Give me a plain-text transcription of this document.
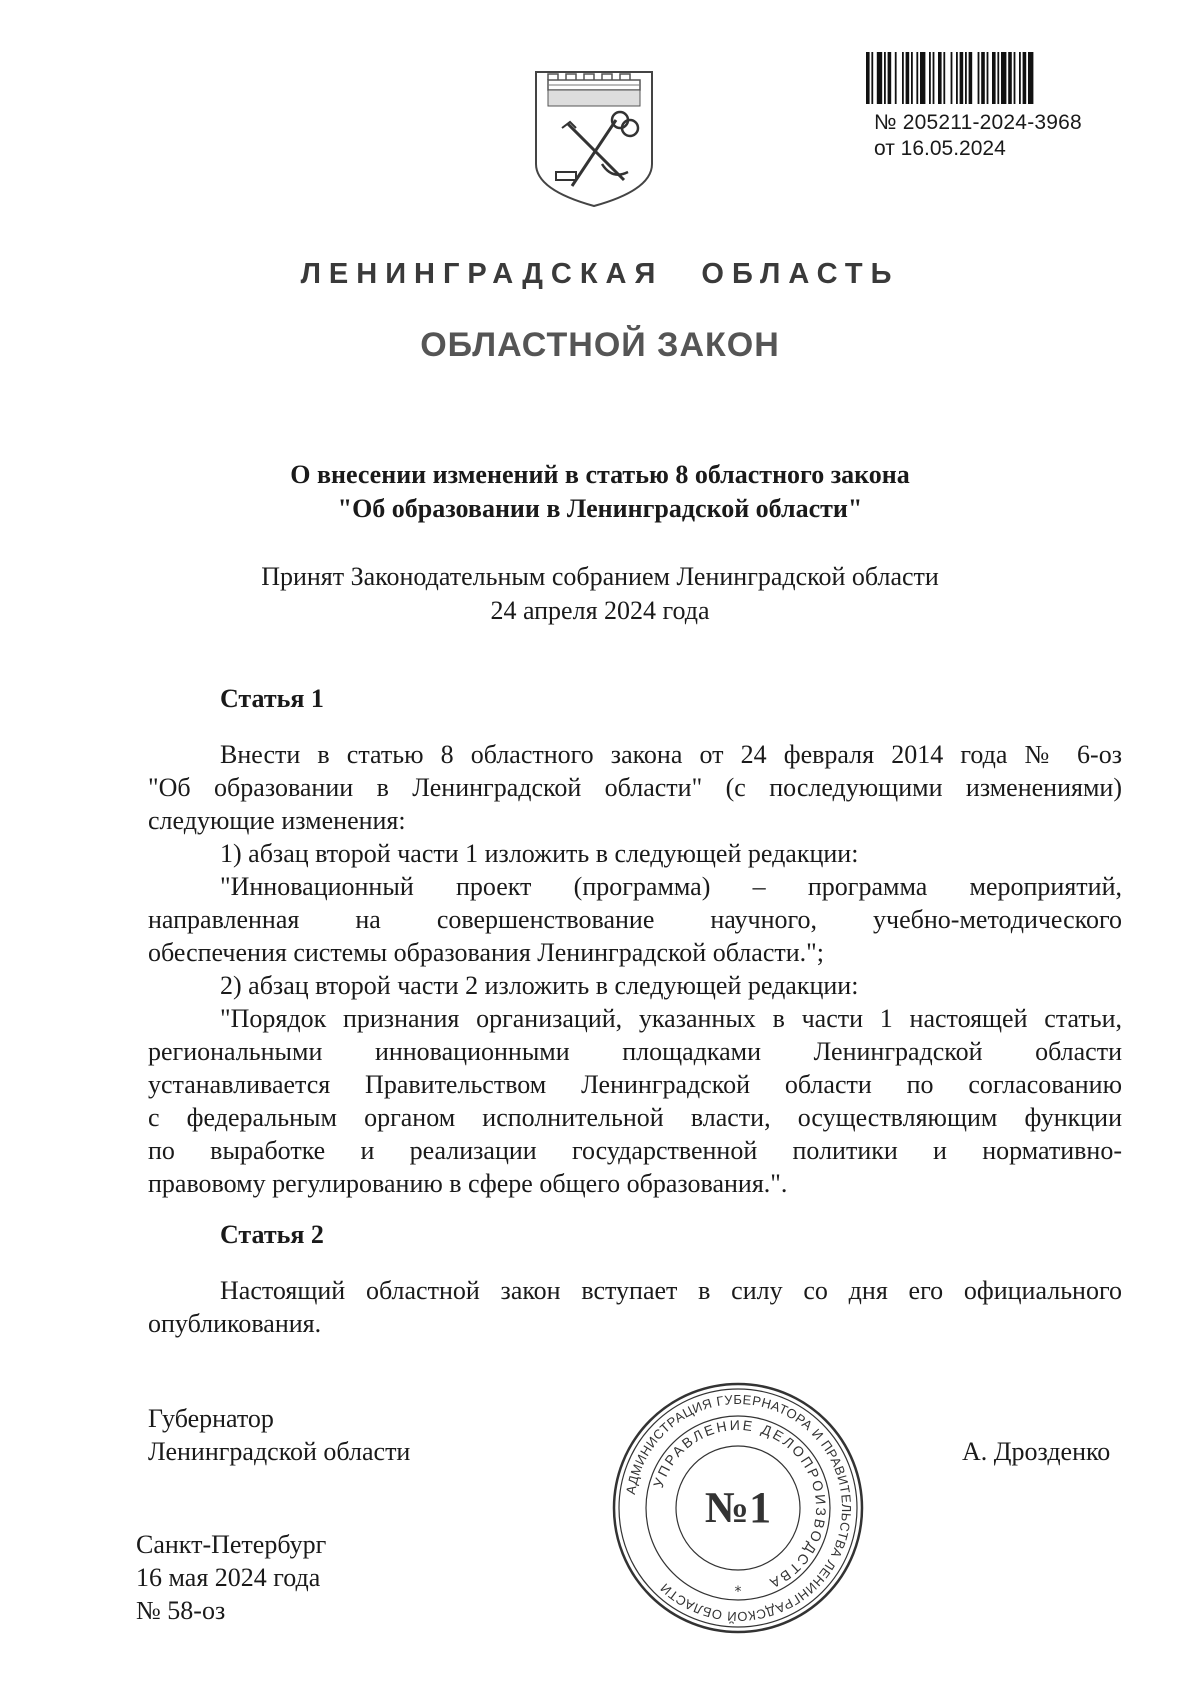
№ 205211-2024-3968
от 16.05.2024
ЛЕНИНГРАДСКАЯ ОБЛАСТЬ
ОБЛАСТНОЙ ЗАКОН
О внесении изменений в статью 8 областного закона
"Об образовании в Ленинградской области"
Принят Законодательным собранием Ленинградской области
24 апреля 2024 года
Статья 1
Внести в статью 8 областного закона от 24 февраля 2014 года № 6-оз
"Об образовании в Ленинградской области" (с последующими изменениями)
следующие изменения:
1) абзац второй части 1 изложить в следующей редакции:
"Инновационный проект (программа) – программа мероприятий,
направленная на совершенствование научного, учебно-методического
обеспечения системы образования Ленинградской области.";
2) абзац второй части 2 изложить в следующей редакции:
"Порядок признания организаций, указанных в части 1 настоящей статьи,
региональными инновационными площадками Ленинградской области
устанавливается Правительством Ленинградской области по согласованию
с федеральным органом исполнительной власти, осуществляющим функции
по выработке и реализации государственной политики и нормативно-
правовому регулированию в сфере общего образования.".
Статья 2
Настоящий областной закон вступает в силу со дня его официального
опубликования.
Губернатор
Ленинградской области	А. Дрозденко
Санкт-Петербург
16 мая 2024 года
№ 58-оз
АДМИНИСТРАЦИЯ ГУБЕРНАТОРА И ПРАВИТЕЛЬСТВА ЛЕНИНГРАДСКОЙ ОБЛАСТИ
УПРАВЛЕНИЕ ДЕЛОПРОИЗВОДСТВА
№1
*
